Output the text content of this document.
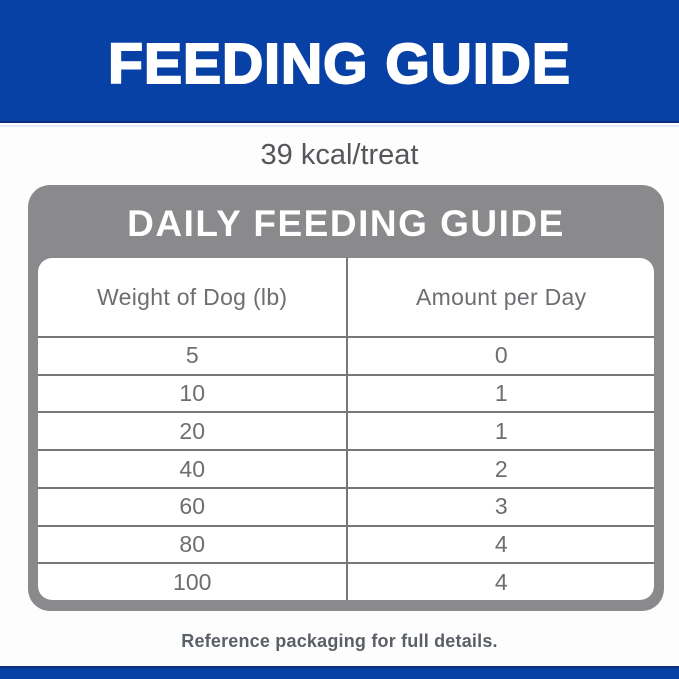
FEEDING GUIDE
39 kcal/treat
DAILY FEEDING GUIDE
Weight of Dog (lb)	Amount per Day
5	0
10	1
20	1
40	2
60	3
80	4
100	4
Reference packaging for full details.
